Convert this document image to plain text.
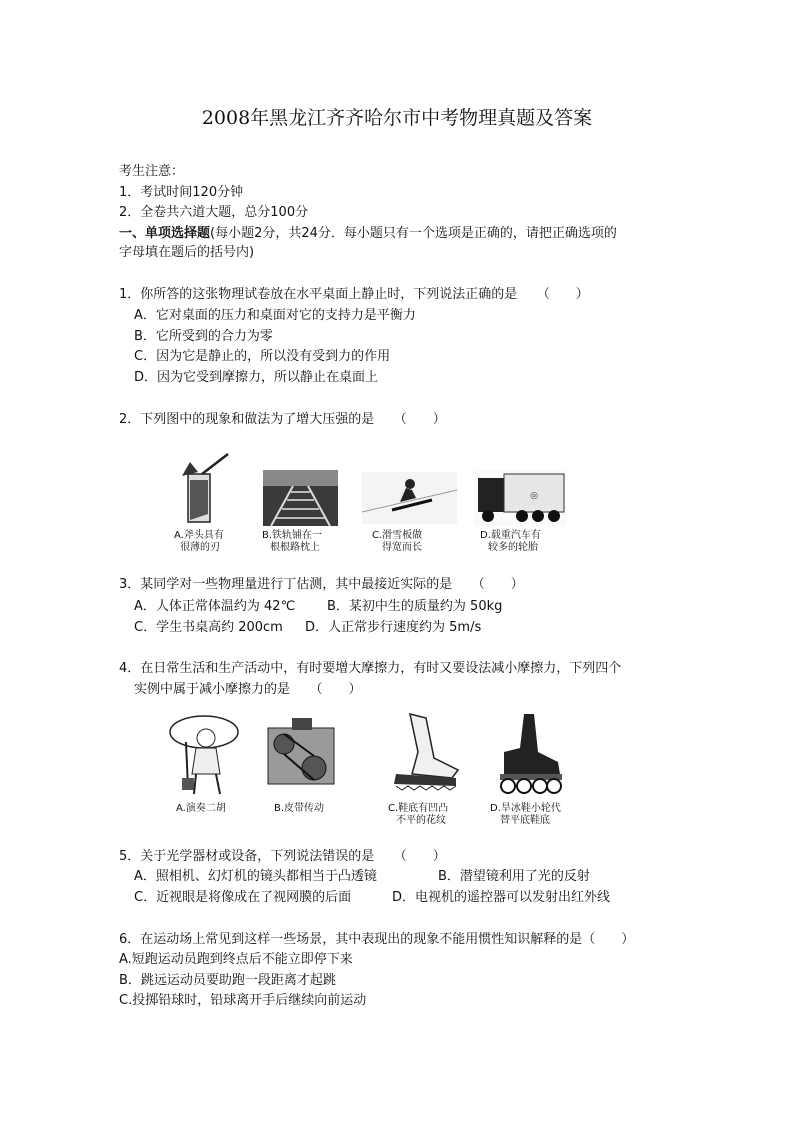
2008年黑龙江齐齐哈尔市中考物理真题及答案
考生注意：
1．考试时间120分钟
2．全卷共六道大题，总分100分
一、单项选择题(每小题2分，共24分．每小题只有一个选项是正确的，请把正确选项的
字母填在题后的括号内)
1．你所答的这张物理试卷放在水平桌面上静止时，下列说法正确的是　　（　　）
A．它对桌面的压力和桌面对它的支持力是平衡力
B．它所受到的合力为零
C．因为它是静止的，所以没有受到力的作用
D．因为它受到摩擦力，所以静止在桌面上
2．下列图中的现象和做法为了增大压强的是　　（　　）
◎
A.斧头具有
很薄的刃
B.铁轨铺在一
根根路枕上
C.滑雪板做
得宽而长
D.载重汽车有
较多的轮胎
3．某同学对一些物理量进行丁估测，其中最接近实际的是　　（　　）
A．人体正常体温约为 42℃ B．某初中生的质量约为 50kg
C．学生书桌高约 200cm D．人正常步行速度约为 5m/s
4．在日常生活和生产活动中，有时要增大摩擦力，有时又要设法减小摩擦力，下列四个
实例中属于减小摩擦力的是　　（　　）
A.演奏二胡	B.皮带传动	C.鞋底有凹凸
不平的花纹
D.旱冰鞋小轮代
替平底鞋底
5．关于光学器材或设备，下列说法错误的是　　（　　）
A．照相机、幻灯机的镜头都相当于凸透镜	B．潜望镜利用了光的反射
C．近视眼是将像成在了视网膜的后面	D．电视机的遥控器可以发射出红外线
6．在运动场上常见到这样一些场景，其中表现出的现象不能用惯性知识解释的是（　　）
A.短跑运动员跑到终点后不能立即停下来
B．跳远运动员要助跑一段距离才起跳
C.投掷铅球时，铅球离开手后继续向前运动
